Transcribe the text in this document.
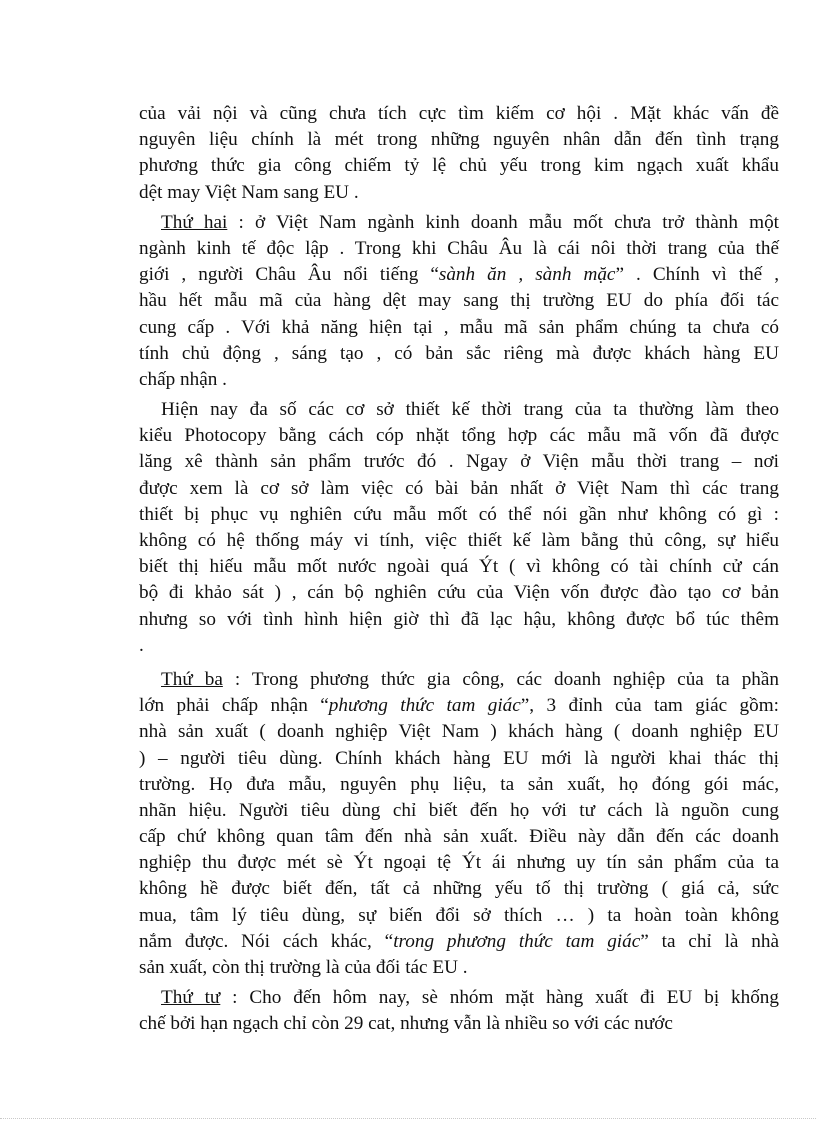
của vải nội và cũng chưa tích cực tìm kiếm cơ hội . Mặt khác vấn đề
nguyên liệu chính là mét trong những nguyên nhân dẫn đến tình trạng
phương thức gia công chiếm tỷ lệ chủ yếu trong kim ngạch xuất khẩu
dệt may Việt Nam sang EU .
Thứ hai : ở Việt Nam ngành kinh doanh mẫu mốt chưa trở thành một
ngành kinh tế độc lập . Trong khi Châu Âu là cái nôi thời trang của thế
giới , người Châu Âu nổi tiếng “sành ăn , sành mặc” . Chính vì thế ,
hầu hết mẫu mã của hàng dệt may sang thị trường EU do phía đối tác
cung cấp . Với khả năng hiện tại , mẫu mã sản phẩm chúng ta chưa có
tính chủ động , sáng tạo , có bản sắc riêng mà được khách hàng EU
chấp nhận .
Hiện nay đa số các cơ sở thiết kế thời trang của ta thường làm theo
kiểu Photocopy bằng cách cóp nhặt tổng hợp các mẫu mã vốn đã được
lăng xê thành sản phẩm trước đó . Ngay ở Viện mẫu thời trang – nơi
được xem là cơ sở làm việc có bài bản nhất ở Việt Nam thì các trang
thiết bị phục vụ nghiên cứu mẫu mốt có thể nói gần như không có gì :
không có hệ thống máy vi tính, việc thiết kế làm bằng thủ công, sự hiểu
biết thị hiếu mẫu mốt nước ngoài quá Ýt ( vì không có tài chính cử cán
bộ đi khảo sát ) , cán bộ nghiên cứu của Viện vốn được đào tạo cơ bản
nhưng so với tình hình hiện giờ thì đã lạc hậu, không được bổ túc thêm
.
Thứ ba : Trong phương thức gia công, các doanh nghiệp của ta phần
lớn phải chấp nhận “phương thức tam giác”, 3 đỉnh của tam giác gồm:
nhà sản xuất ( doanh nghiệp Việt Nam ) khách hàng ( doanh nghiệp EU
) – người tiêu dùng. Chính khách hàng EU mới là người khai thác thị
trường. Họ đưa mẫu, nguyên phụ liệu, ta sản xuất, họ đóng gói mác,
nhãn hiệu. Người tiêu dùng chỉ biết đến họ với tư cách là nguồn cung
cấp chứ không quan tâm đến nhà sản xuất. Điều này dẫn đến các doanh
nghiệp thu được mét sè Ýt ngoại tệ Ýt ái nhưng uy tín sản phẩm của ta
không hề được biết đến, tất cả những yếu tố thị trường ( giá cả, sức
mua, tâm lý tiêu dùng, sự biến đổi sở thích … ) ta hoàn toàn không
nắm được. Nói cách khác, “trong phương thức tam giác” ta chỉ là nhà
sản xuất, còn thị trường là của đối tác EU .
Thứ tư : Cho đến hôm nay, sè nhóm mặt hàng xuất đi EU bị khống
chế bởi hạn ngạch chỉ còn 29 cat, nhưng vẫn là nhiều so với các nước
